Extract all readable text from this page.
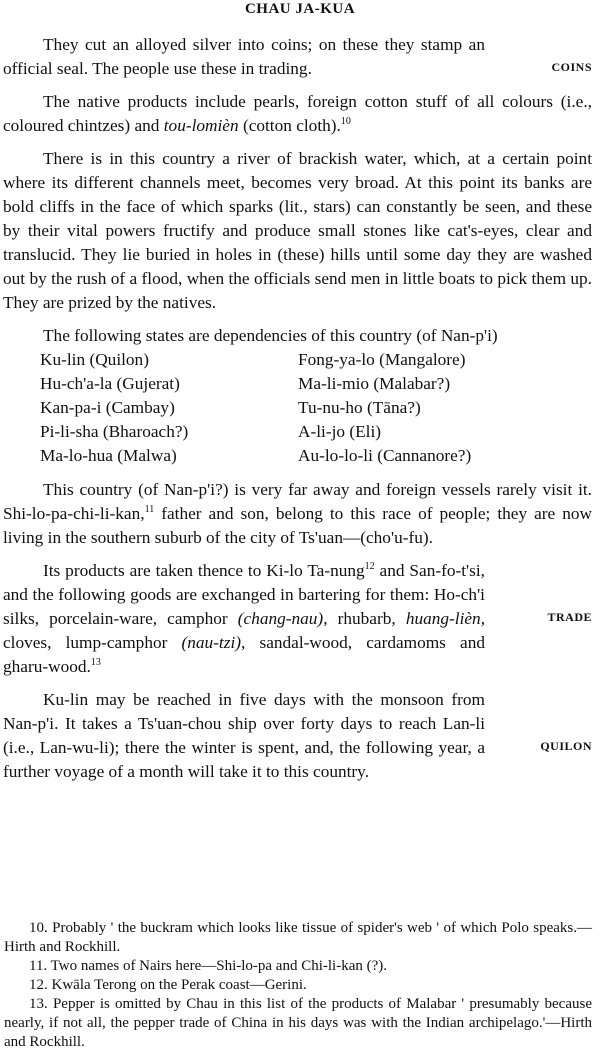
CHAU JA-KUA

They cut an alloyed silver into coins; on these they stamp an official seal. The people use these in trading.	COINS

The native products include pearls, foreign cotton stuff of all colours (i.e., coloured chintzes) and tou-lomièn (cotton cloth).$^{10}$

There is in this country a river of brackish water, which, at a certain point where its different channels meet, becomes very broad. At this point its banks are bold cliffs in the face of which sparks (lit., stars) can constantly be seen, and these by their vital powers fructify and produce small stones like cat's-eyes, clear and translucid. They lie buried in holes in (these) hills until some day they are washed out by the rush of a flood, when the officials send men in little boats to pick them up. They are prized by the natives.

The following states are dependencies of this country (of Nan-p'i)
Ku-lin (Quilon)	Fong-ya-lo (Mangalore)
Hu-ch'a-la (Gujerat)	Ma-li-mio (Malabar?)
Kan-pa-i (Cambay)	Tu-nu-ho (Tāna?)
Pi-li-sha (Bharoach?)	A-li-jo (Eli)
Ma-lo-hua (Malwa)	Au-lo-lo-li (Cannanore?)

This country (of Nan-p'i?) is very far away and foreign vessels rarely visit it. Shi-lo-pa-chi-li-kan,$^{11}$ father and son, belong to this race of people; they are now living in the southern suburb of the city of Ts'uan—(cho'u-fu).

Its products are taken thence to Ki-lo Ta-nung$^{12}$ and San-fo-t'si, and the following goods are exchanged in bartering for them: Ho-ch'i silks, porcelain-ware, camphor (chang-nau), rhubarb, huang-lièn, cloves, lump-camphor (nau-tzi), sandal-wood, cardamoms and gharu-wood.$^{13}$
TRADE

Ku-lin may be reached in five days with the monsoon from Nan-p'i. It takes a Ts'uan-chou ship over forty days to reach Lan-li (i.e., Lan-wu-li); there the winter is spent, and, the following year, a further voyage of a month will take it to this country.
QUILON

10. Probably ' the buckram which looks like tissue of spider's web ' of which Polo speaks.—Hirth and Rockhill.

11. Two names of Nairs here—Shi-lo-pa and Chi-li-kan (?).

12. Kwāla Terong on the Perak coast—Gerini.

13. Pepper is omitted by Chau in this list of the products of Malabar ' presumably because nearly, if not all, the pepper trade of China in his days was with the Indian archipelago.'—Hirth and Rockhill.
